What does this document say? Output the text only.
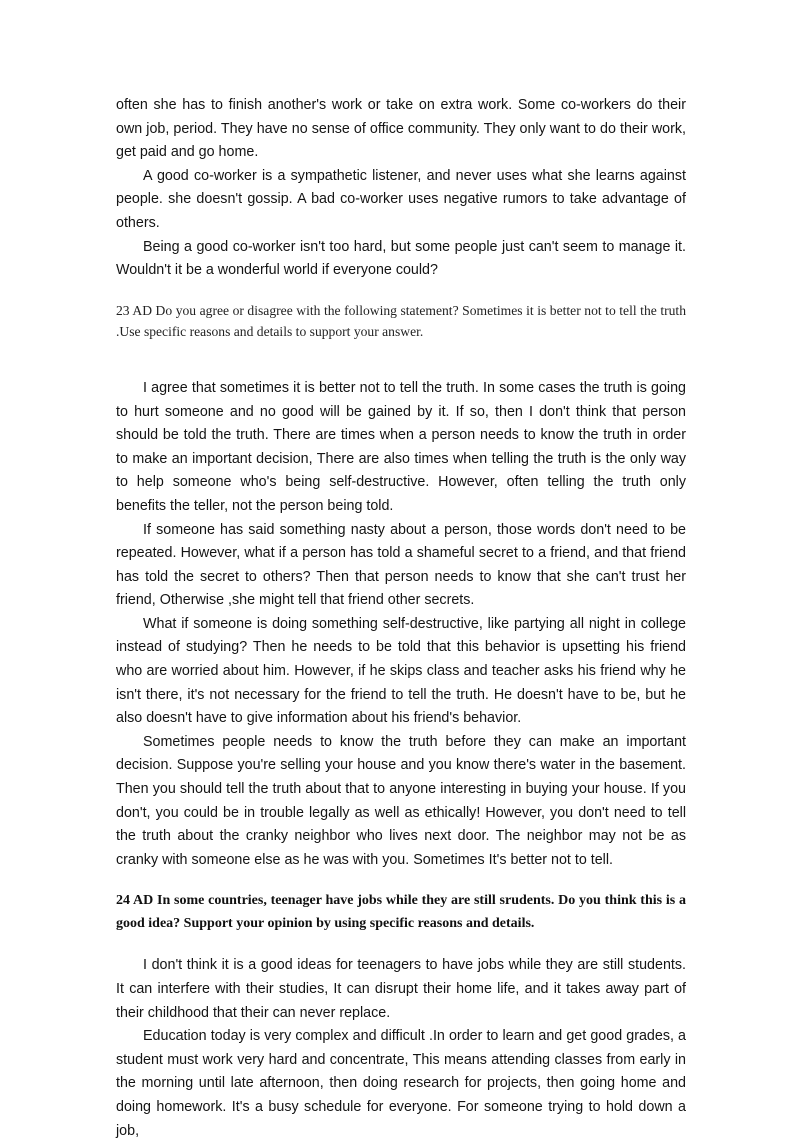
often she has to finish another's work or take on extra work. Some co-workers do their own job, period. They have no sense of office community. They only want to do their work, get paid and go home.

A good co-worker is a sympathetic listener, and never uses what she learns against people. she doesn't gossip. A bad co-worker uses negative rumors to take advantage of others.

Being a good co-worker isn't too hard, but some people just can't seem to manage it. Wouldn't it be a wonderful world if everyone could?

23 AD Do you agree or disagree with the following statement? Sometimes it is better not to tell the truth .Use specific reasons and details to support your answer.

I agree that sometimes it is better not to tell the truth. In some cases the truth is going to hurt someone and no good will be gained by it. If so, then I don't think that person should be told the truth. There are times when a person needs to know the truth in order to make an important decision, There are also times when telling the truth is the only way to help someone who's being self-destructive. However, often telling the truth only benefits the teller, not the person being told.

If someone has said something nasty about a person, those words don't need to be repeated. However, what if a person has told a shameful secret to a friend, and that friend has told the secret to others? Then that person needs to know that she can't trust her friend, Otherwise ,she might tell that friend other secrets.

What if someone is doing something self-destructive, like partying all night in college instead of studying? Then he needs to be told that this behavior is upsetting his friend who are worried about him. However, if he skips class and teacher asks his friend why he isn't there, it's not necessary for the friend to tell the truth. He doesn't have to be, but he also doesn't have to give information about his friend's behavior.

Sometimes people needs to know the truth before they can make an important decision. Suppose you're selling your house and you know there's water in the basement. Then you should tell the truth about that to anyone interesting in buying your house. If you don't, you could be in trouble legally as well as ethically! However, you don't need to tell the truth about the cranky neighbor who lives next door. The neighbor may not be as cranky with someone else as he was with you. Sometimes It's better not to tell.

24 AD In some countries, teenager have jobs while they are still srudents. Do you think this is a good idea? Support your opinion by using specific reasons and details.

I don't think it is a good ideas for teenagers to have jobs while they are still students. It can interfere with their studies, It can disrupt their home life, and it takes away part of their childhood that their can never replace.

Education today is very complex and difficult .In order to learn and get good grades, a student must work very hard and concentrate, This means attending classes from early in the morning until late afternoon, then doing research for projects, then going home and doing homework. It's a busy schedule for everyone. For someone trying to hold down a job,
